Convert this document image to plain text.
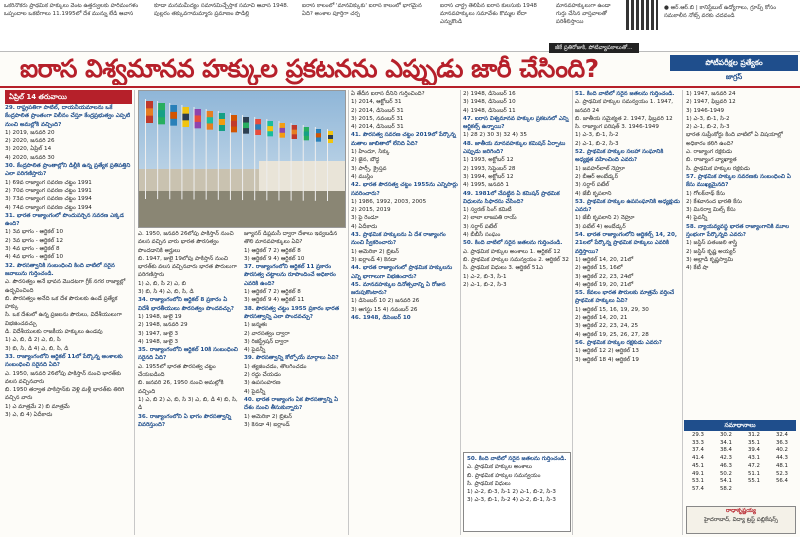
ఒకరినొకరు ప్రాథమిక హక్కులు వెంట ఉత్తర్వులకు హరిమంగళం ఒప్పందాల ఒకటిగాలు 11.1995లో దేశ మున్ను లేడి ఆవాస
కూడా మనమమీద్యం సమానమిచ్చేస్తాక సమాచి ఆవాస 1948. పుల్లరం తక్కువగామమ్మారు ప్రమాణం పొడిల్లి
ఐరాస కాలంలో 'మానవిక్కుకు' ఐరాస కాలంలో భాగమైన ఏది? అంశాల పూర్తిగా చర్చ
ఐరాస చార్ట్ర తెలిపిన ఐరాస కులసుకు 1948 మానవహక్కులు సమావేశం కొమ్మల లేదా ఎన్నుకొండి
మానవహక్కులుగా ఉండా గుర్తు చేసిన వాస్తవాలతో పరిశీలిస్తాయి
జీకే ప్రతిరోజుకి, పోటివ్యాపకాలుతో...
● ఆర్.ఆర్.బి | కానిస్టేబుల్ ఉద్యోగాలు, గ్రూప్స్ కోసం సమకాలీన నోట్స్ వరకు చదవండి
ఐరాస విశ్వమానవ హక్కుల ప్రకటనను ఎప్పుడు జారీ చేసింది?	పోటీపరీక్షల ప్రత్యేకం
జాగ్రస్
ఏప్రిల్ 14 తరువాయి

29. రాష్ట్రపతిగా పాటిల్, దాయనీయమాలను ఒకే కేంద్రపాలిత ప్రాంతంగా విలీనం చేస్తూ కేంద్రప్రభుత్వం ఎప్పటి నుంచి అమల్లోకి వచ్చింది?

1) 2019, జనవరి 20

2) 2020, జనవరి 26

3) 2020, ఏప్రిల్ 14

4) 2020, జనవరి 30

30. కేంద్రపాలిత ప్రాంతాల్లోని డిల్లీకి ఉన్న ప్రత్యేక ప్రతిపత్తిని ఎలా పరిగణిస్తారు?

1) 69వ రాజ్యాంగ సవరణ చట్టం 1991

2) 70వ రాజ్యాంగ సవరణ చట్టం 1991

3) 73వ రాజ్యాంగ సవరణ చట్టం 1994

4) 74వ రాజ్యాంగ సవరణ చట్టం 1994

31. భారత రాజ్యాంగంలో పొందుపర్చిన సవరణ ఎక్కడ ఉంది?

1) 3వ భాగం - ఆర్టికల్ 10

2) 3వ భాగం - ఆర్టికల్ 12

3) 4వ భాగం - ఆర్టికల్ 8

4) 4వ భాగం - ఆర్టికల్ 10

32. పౌరసత్వానికి సంబంధించి కింది వాటిలో సరైన జవాబును గుర్తించండి.

ఎ. పౌరసత్వం అనే భావన మొదటగా గ్రీక్ నగర రాజ్యాల్లో ఉద్భవించింది

బి. పౌరసత్వం అనేది ఒక దేశ పౌరులకు ఉండే ప్రత్యేక హక్కు

సి. ఒక దేశంలో ఉన్న ప్రజలను పౌరులు, విదేశీయులుగా విభజించవచ్చు

డి. విదేశీయులకు రాజకీయ హక్కులు ఉండవు

1) ఎ, బి, డి 2) ఎ, బి, సి

3) బి, సి, డి 4) ఎ, బి, సి, డి

33. రాజ్యాంగంలోని ఆర్టికల్ 11లో పేర్కొన్న అంశాలకు సంబంధించి సరైనది ఏది?

ఎ. 1950, జనవరి 26లోపు పాకిస్తాన్ నుంచి భారత్‌కు వలస వచ్చినవారు

బి. 1950 తర్వాత పాకిస్తాన్‌కు వెళ్లి మళ్లీ భారత్‌కు తిరిగి వచ్చిన వారు

1) ఎ మాత్రమే 2) బి మాత్రమే

3) ఎ, బి 4) ఏదీకాదు

ఎ. 1950, జనవరి 26లోపు పాకిస్తాన్ నుంచి వలస వచ్చిన వారు భారత పౌరసత్వం పొందడానికి అర్హులు

బి. 1947, జులై 19లోపు పాకిస్తాన్ నుంచి భారత్‌కు వలస వచ్చినవారు భారత పౌరులుగా పరిగణిస్తారు

1) ఎ, బి, సి 2) ఎ, బి

3) బి, సి 4) ఎ, బి, సి, డి

34. రాజ్యాంగంలోని ఆర్టికల్ 8 ప్రకారం ఏ విదేశీ భారతీయులు పౌరసత్వం పొందవచ్చు?

1) 1948, జులై 19

2) 1948, జనవరి 29

3) 1947, జులై 3

4) 1948, జులై 3

35. రాజ్యాంగంలోని ఆర్టికల్ 10కి సంబంధించి సరైనది ఏది?

ఎ. 1955లో భారత పౌరసత్వ చట్టం చేయబడింది

బి. జనవరి 26, 1950 నుంచి అమల్లోకి వచ్చింది

1) ఎ, బి 2) ఎ, బి, సి 3) ఎ, బి, డి 4) బి, సి, డి

36. రాజ్యాంగంలోని ఏ భాగం పౌరసత్వాన్ని వివరిస్తుంది?

జ్యూనర్ డిప్లమసీ ద్వారా దేశాలు ఇవ్వబడిన తొలి మానవహక్కులు ఏవి?

1) ఆర్టికల్ 7 2) ఆర్టికల్ 8

3) ఆర్టికల్ 9 4) ఆర్టికల్ 10

37. రాజ్యాంగంలోని ఆర్టికల్ 11 ప్రకారం పౌరసత్వ చట్టాలను రూపొందించే అధికారం ఎవరికి ఉంది?

1) ఆర్టికల్ 7 2) ఆర్టికల్ 8

3) ఆర్టికల్ 9 4) ఆర్టికల్ 11

38. పౌరసత్వ చట్టం 1955 ప్రకారం భారత పౌరసత్వాన్ని ఎలా పొందవచ్చు?

1) జన్మతః

2) వారసత్వం ద్వారా

3) రిజిస్ట్రేషన్ ద్వారా

4) పైవన్నీ

39. పౌరసత్వాన్ని కోల్పోయే మార్గాలు ఏవి?

1) త్యజించడం, తొలగించడం

2) రద్దు చేయడం

3) ఉపసంహరణ

4) పైవన్నీ

40. భారత రాజ్యాంగం ఏక పౌరసత్వాన్ని ఏ దేశం నుంచి తీసుకున్నారు?

1) అమెరికా 2) బ్రిటన్

3) కెనడా 4) ఐర్లాండ్

ఏ తేదీన ఐరాస దీనిని గుర్తించింది?

1) 2014, ఆక్టోబర్ 31

2) 2014, డిసెంబర్ 31

3) 2015, నవంబర్ 31

4) 2014, డిసెంబర్ 31

41. పౌరసత్వ సవరణ చట్టం 2019లో పేర్కొన్న మతాల జాబితాలో లేనిది ఏది?

1) హిందూ, సిక్కు

2) జైన, బౌద్ధ

3) పార్సీ, క్రైస్తవ

4) ముస్లిం

42. భారత పౌరసత్వ చట్టం 1955ను ఎన్నిసార్లు సవరించారు?

1) 1986, 1992, 2003, 2005

2) 2015, 2019

3) పై రెండూ

4) ఏదీకాదు

43. ప్రాథమిక హక్కులను ఏ దేశ రాజ్యాంగం నుంచి స్వీకరించారు?

1) అమెరికా 2) బ్రిటన్

3) ఐర్లాండ్ 4) కెనడా

44. భారత రాజ్యాంగంలో ప్రాథమిక హక్కులను ఎన్ని భాగాలుగా విభజించారు?

45. మానవహక్కుల దినోత్సవాన్ని ఏ రోజున జరుపుకొంటారు?

1) డిసెంబర్ 10 2) జనవరి 26

3) ఆగస్టు 15 4) నవంబర్ 26

46. 1948, డిసెంబర్ 10

2) 1948, డిసెంబర్ 16

3) 1948, డిసెంబర్ 10

4) 1948, డిసెంబర్ 11

47. ఐరాస విశ్వమానవ హక్కుల ప్రకటనలో ఎన్ని ఆర్టికల్స్ ఉన్నాయి?

1) 28 2) 30 3) 32 4) 35

48. జాతీయ మానవహక్కుల కమిషన్ ఏర్పాటు ఎప్పుడు జరిగింది?

1) 1993, అక్టోబర్ 12

2) 1993, సెప్టెంబర్ 28

3) 1994, అక్టోబర్ 12

4) 1995, జనవరి 1

49. 1981లో చేపట్టిన ఏ కమిషన్ ప్రాథమిక విధులను సిఫారసు చేసింది?

1) స్వరణ్ సింగ్ కమిటీ

2) లాలా లాజపతి రాయ్

3) సర్దార్ పటేల్

4) బీబీసీ సంఘం

50. కింది వాటిలో సరైన జతలను గుర్తించండి.

ఎ. ప్రాథమిక హక్కుల అంశాలు 1. ఆర్టికల్ 12

బి. ప్రాథమిక హక్కుల సమన్వయం 2. ఆర్టికల్ 32

సి. ప్రాథమిక విధులు 3. ఆర్టికల్ 51ఎ

1) ఎ-2, బి-3, సి-1

2) ఎ-1, బి-2, సి-3

50. కింది వాటిలో సరైన జతలను గుర్తించండి.
ఎ. ప్రాథమిక హక్కుల అంశాలు
బి. ప్రాథమిక హక్కుల సమన్వయం
సి. ప్రాథమిక విధులు
1) ఎ-2, బి-3, సి-1 2) ఎ-1, బి-2, సి-3
3) ఎ-3, బి-1, సి-2 4) ఎ-2, బి-1, సి-3

51. కింది వాటిలో సరైన జతలను గుర్తించండి.

ఎ. ప్రాథమిక హక్కుల సమన్వయం 1. 1947, జనవరి 24

బి. జాతీయ సమైక్యత 2. 1947, ఫిబ్రవరి 12

సి. రాజ్యాంగ పరిషత్ 3. 1946-1949

1) ఎ-3, బి-1, సి-2

2) ఎ-1, బి-2, సి-3

52. ప్రాథమిక హక్కుల సలహా సంఘానికి అధ్యక్షత వహించింది ఎవరు?

1) జవహర్‌లాల్ నెహ్రూ

2) బీఆర్ అంబేడ్కర్

3) సర్దార్ పటేల్

4) జేబీ కృపలాని

53. ప్రాథమిక హక్కుల ఉపసంఘానికి అధ్యక్షుడు ఎవరు?

1) జేబీ కృపలాని 2) నెహ్రూ

3) పటేల్ 4) అంబేడ్కర్

54. భారత రాజ్యాంగంలోని ఆర్టికల్స్ 14, 20, 21లలో పేర్కొన్న ప్రాథమిక హక్కులు ఎవరికి వర్తిస్తాయి?

1) ఆర్టికల్ 14, 20, 21లో

2) ఆర్టికల్ 15, 16లో

3) ఆర్టికల్ 22, 23, 24లో

4) ఆర్టికల్ 19, 20, 21లో

55. కేవలం భారత పౌరులకు మాత్రమే వర్తించే ప్రాథమిక హక్కులు ఏవి?

1) ఆర్టికల్ 15, 16, 19, 29, 30

2) ఆర్టికల్ 14, 20, 21

3) ఆర్టికల్ 22, 23, 24, 25

4) ఆర్టికల్ 19, 25, 26, 27, 28

56. ప్రాథమిక హక్కుల రక్షకుడు ఎవరు?

1) ఆర్టికల్ 12 2) ఆర్టికల్ 13

3) ఆర్టికల్ 18 4) ఆర్టికల్ 19

1) 1947, జనవరి 24

2) 1947, ఫిబ్రవరి 12

3) 1946-1949

1) ఎ-3, బి-1, సి-2

2) ఎ-1, బి-2, సి-3

భారత సుప్రీంకోర్టు కింది వాటిలో ఏ విషయాల్లో అధికారం కలిగి ఉంది?

ఎ. రాజ్యాంగ రక్షకుడు

బి. రాజ్యాంగ వ్యాఖ్యాత

సి. ప్రాథమిక హక్కుల రక్షకుడు

57. ప్రాథమిక హక్కుల సవరణకు సంబంధించి ఏ కేసు ముఖ్యమైనది?

1) గోలక్‌నాథ్ కేసు

2) కేశవానంద భారతి కేసు

3) మినర్వా మిల్స్ కేసు

4) పైవన్నీ

58. న్యాయవ్యవస్థ భారత రాజ్యాంగానికి మూల స్తంభంగా పేర్కొన్నది ఎవరు?

1) జస్టిస్ పతంజలి శాస్త్రి

2) జస్టిస్ కృష్ణ అయ్యర్

3) అల్లాడి కృష్ణస్వామి

4) కేటీ షా

సమాధానాలు
29.3	30.2	31.2	32.4
33.3	34.1	35.1	36.3
37.4	38.4	39.4	40.2
41.4	42.3	43.1	44.3
45.1	46.3	47.2	48.1
49.1	50.2	51.1	52.3
53.1	54.1	55.1	56.4
57.4	58.2		
రాధాకృష్ణయ్య
హైదరాబాద్, విద్యా ట్రస్ట్ పబ్లికేషన్స్
